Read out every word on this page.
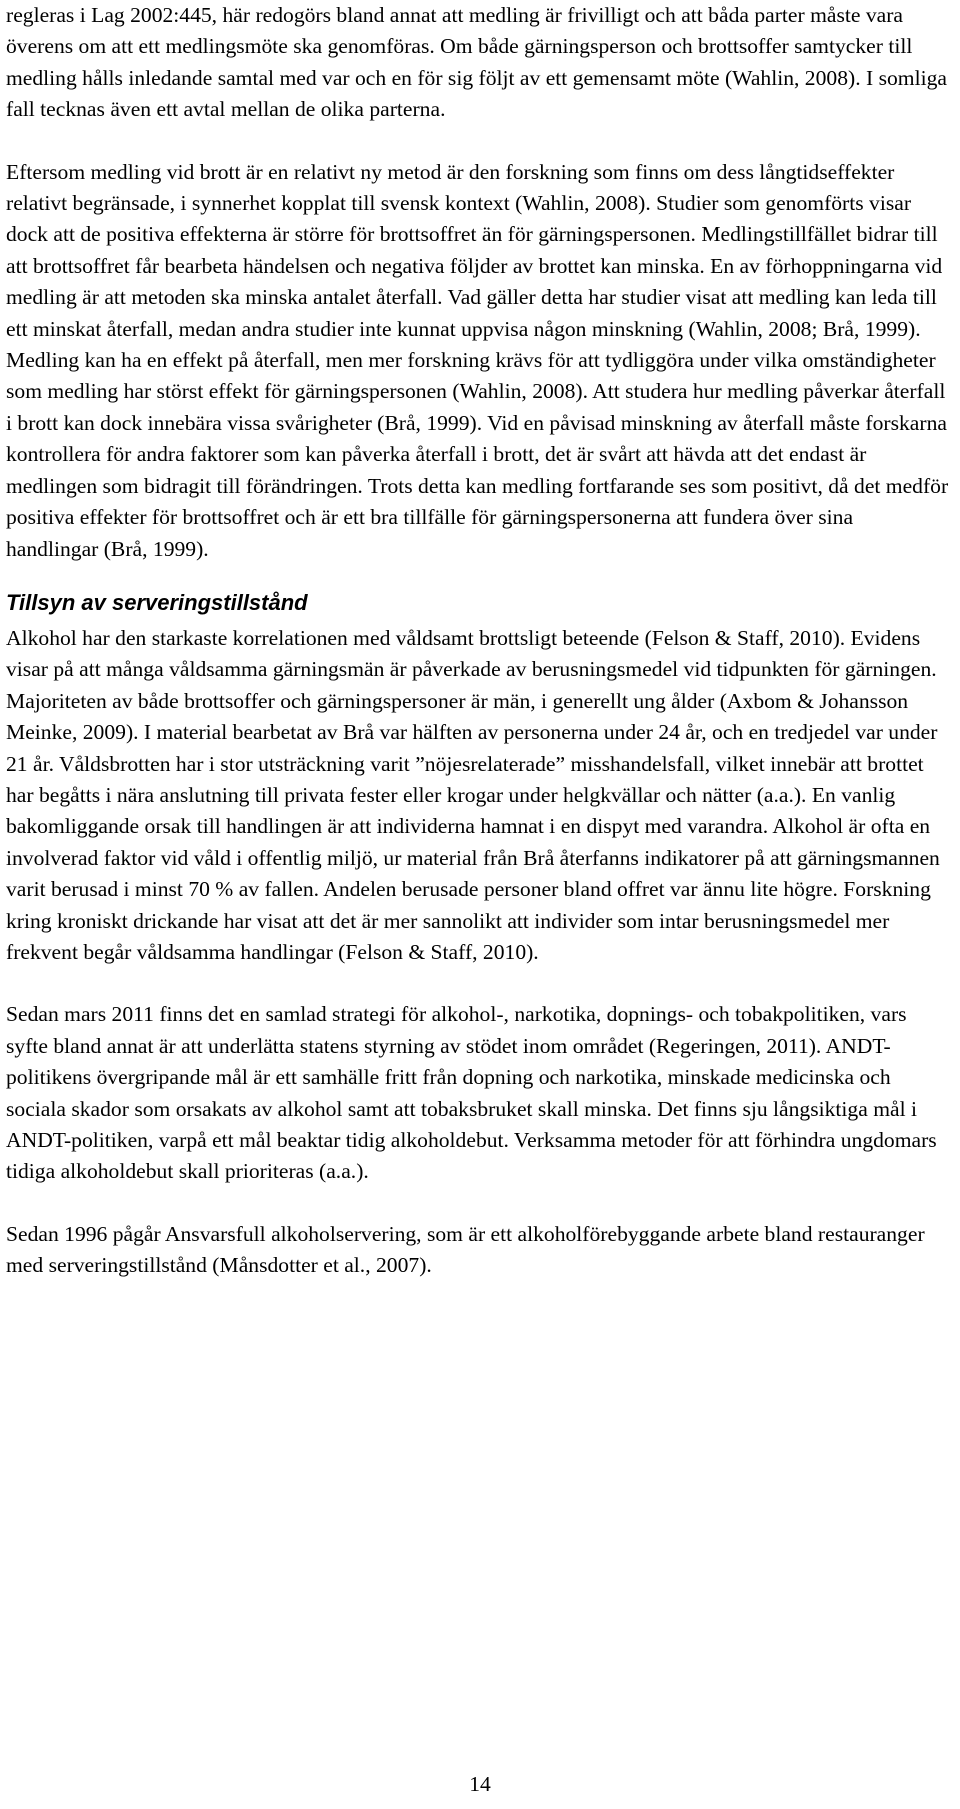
regleras i Lag 2002:445, här redogörs bland annat att medling är frivilligt och att båda parter måste vara överens om att ett medlingsmöte ska genomföras. Om både gärningsperson och brottsoffer samtycker till medling hålls inledande samtal med var och en för sig följt av ett gemensamt möte (Wahlin, 2008). I somliga fall tecknas även ett avtal mellan de olika parterna.

Eftersom medling vid brott är en relativt ny metod är den forskning som finns om dess långtidseffekter relativt begränsade, i synnerhet kopplat till svensk kontext (Wahlin, 2008). Studier som genomförts visar dock att de positiva effekterna är större för brottsoffret än för gärningspersonen. Medlingstillfället bidrar till att brottsoffret får bearbeta händelsen och negativa följder av brottet kan minska. En av förhoppningarna vid medling är att metoden ska minska antalet återfall. Vad gäller detta har studier visat att medling kan leda till ett minskat återfall, medan andra studier inte kunnat uppvisa någon minskning (Wahlin, 2008; Brå, 1999). Medling kan ha en effekt på återfall, men mer forskning krävs för att tydliggöra under vilka omständigheter som medling har störst effekt för gärningspersonen (Wahlin, 2008). Att studera hur medling påverkar återfall i brott kan dock innebära vissa svårigheter (Brå, 1999). Vid en påvisad minskning av återfall måste forskarna kontrollera för andra faktorer som kan påverka återfall i brott, det är svårt att hävda att det endast är medlingen som bidragit till förändringen. Trots detta kan medling fortfarande ses som positivt, då det medför positiva effekter för brottsoffret och är ett bra tillfälle för gärningspersonerna att fundera över sina handlingar (Brå, 1999).

Tillsyn av serveringstillstånd

Alkohol har den starkaste korrelationen med våldsamt brottsligt beteende (Felson & Staff, 2010). Evidens visar på att många våldsamma gärningsmän är påverkade av berusningsmedel vid tidpunkten för gärningen. Majoriteten av både brottsoffer och gärningspersoner är män, i generellt ung ålder (Axbom & Johansson Meinke, 2009). I material bearbetat av Brå var hälften av personerna under 24 år, och en tredjedel var under 21 år. Våldsbrotten har i stor utsträckning varit ”nöjesrelaterade” misshandelsfall, vilket innebär att brottet har begåtts i nära anslutning till privata fester eller krogar under helgkvällar och nätter (a.a.). En vanlig bakomliggande orsak till handlingen är att individerna hamnat i en dispyt med varandra. Alkohol är ofta en involverad faktor vid våld i offentlig miljö, ur material från Brå återfanns indikatorer på att gärningsmannen varit berusad i minst 70 % av fallen. Andelen berusade personer bland offret var ännu lite högre. Forskning kring kroniskt drickande har visat att det är mer sannolikt att individer som intar berusningsmedel mer frekvent begår våldsamma handlingar (Felson & Staff, 2010).

Sedan mars 2011 finns det en samlad strategi för alkohol-, narkotika, dopnings- och tobakpolitiken, vars syfte bland annat är att underlätta statens styrning av stödet inom området (Regeringen, 2011). ANDT-politikens övergripande mål är ett samhälle fritt från dopning och narkotika, minskade medicinska och sociala skador som orsakats av alkohol samt att tobaksbruket skall minska. Det finns sju långsiktiga mål i ANDT-politiken, varpå ett mål beaktar tidig alkoholdebut. Verksamma metoder för att förhindra ungdomars tidiga alkoholdebut skall prioriteras (a.a.).

Sedan 1996 pågår Ansvarsfull alkoholservering, som är ett alkoholförebyggande arbete bland restauranger med serveringstillstånd (Månsdotter et al., 2007).

14
